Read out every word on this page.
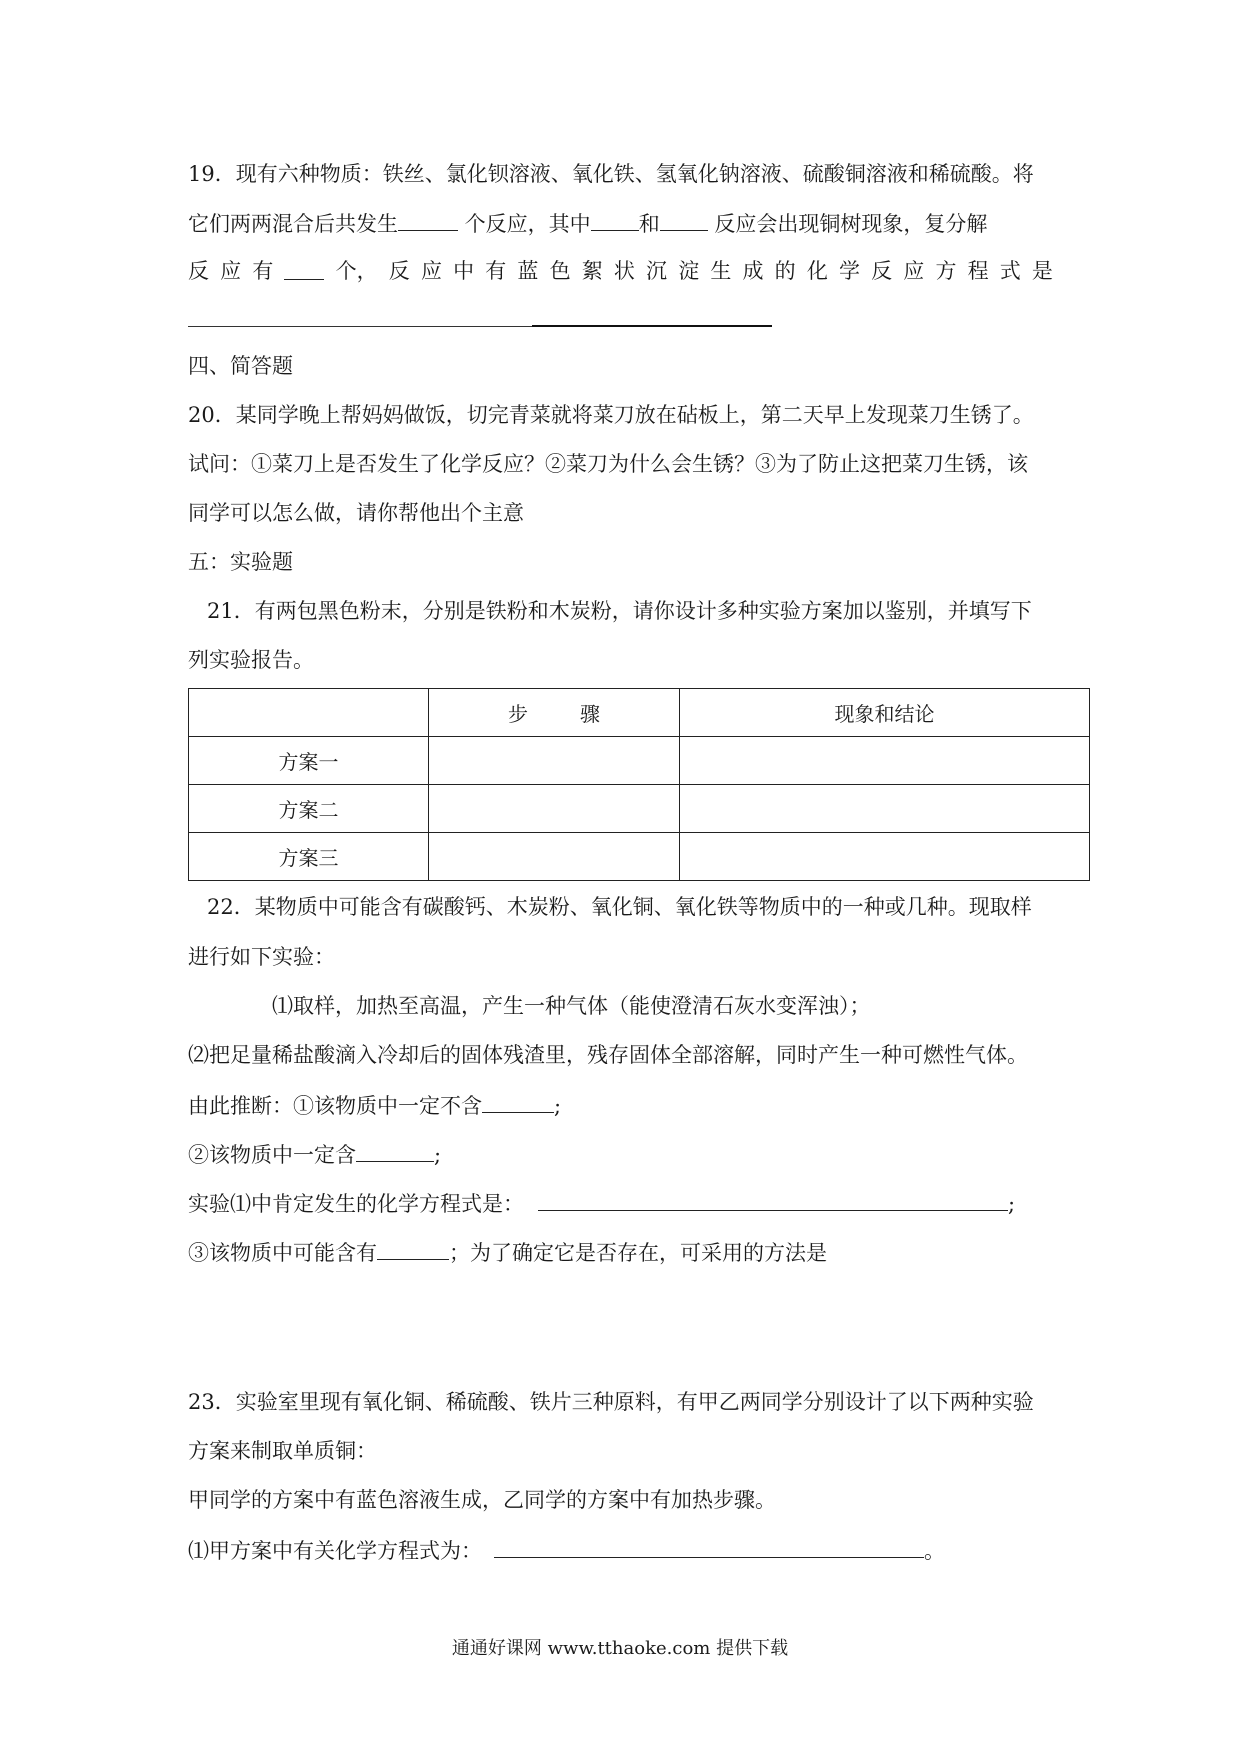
19．现有六种物质：铁丝、氯化钡溶液、氧化铁、氢氧化钠溶液、硫酸铜溶液和稀硫酸。将
它们两两混合后共发生	个反应，其中 和 反应会出现铜树现象，复分解
反 应 有	个， 反 应 中 有 蓝 色 絮 状 沉 淀 生 成 的 化 学 反 应 方 程 式 是
四、简答题
20．某同学晚上帮妈妈做饭，切完青菜就将菜刀放在砧板上，第二天早上发现菜刀生锈了。
试问：①菜刀上是否发生了化学反应？②菜刀为什么会生锈？③为了防止这把菜刀生锈，该
同学可以怎么做，请你帮他出个主意
五：实验题
21．有两包黑色粉末，分别是铁粉和木炭粉，请你设计多种实验方案加以鉴别，并填写下
列实验报告。
	步骤	现象和结论
方案一		
方案二		
方案三		
22．某物质中可能含有碳酸钙、木炭粉、氧化铜、氧化铁等物质中的一种或几种。现取样
进行如下实验：
⑴取样，加热至高温，产生一种气体（能使澄清石灰水变浑浊）；
⑵把足量稀盐酸滴入冷却后的固体残渣里，残存固体全部溶解，同时产生一种可燃性气体。
由此推断：①该物质中一定不含	;
②该物质中一定含	;
实验⑴中肯定发生的化学方程式是：	;
③该物质中可能含有	；为了确定它是否存在，可采用的方法是
23．实验室里现有氧化铜、稀硫酸、铁片三种原料，有甲乙两同学分别设计了以下两种实验
方案来制取单质铜：
甲同学的方案中有蓝色溶液生成，乙同学的方案中有加热步骤。
⑴甲方案中有关化学方程式为：	。
通通好课网 www.tthaoke.com 提供下载
